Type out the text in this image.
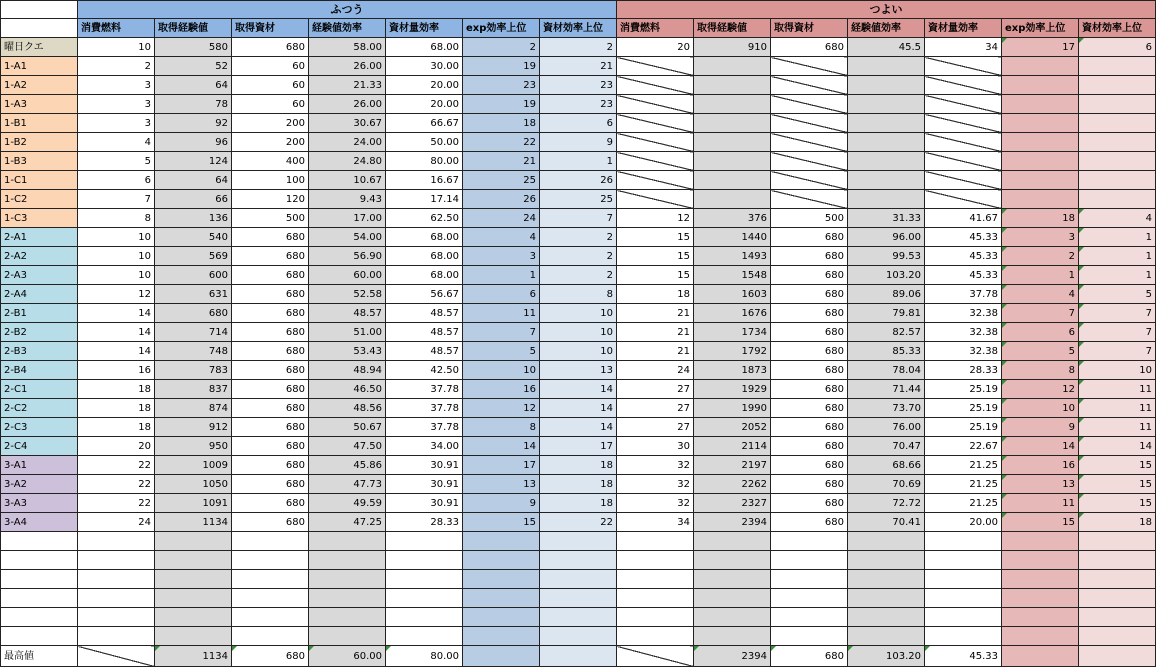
	ふつう							つよい						
	消費燃料	取得経験値	取得資材	経験値効率	資材量効率	exp効率上位	資材効率上位	消費燃料	取得経験値	取得資材	経験値効率	資材量効率	exp効率上位	資材効率上位
曜日クエ	10	580	680	58.00	68.00	2	2	20	910	680	45.5	34	17	6
1-A1	2	52	60	26.00	30.00	19	21							
1-A2	3	64	60	21.33	20.00	23	23							
1-A3	3	78	60	26.00	20.00	19	23							
1-B1	3	92	200	30.67	66.67	18	6							
1-B2	4	96	200	24.00	50.00	22	9							
1-B3	5	124	400	24.80	80.00	21	1							
1-C1	6	64	100	10.67	16.67	25	26							
1-C2	7	66	120	9.43	17.14	26	25							
1-C3	8	136	500	17.00	62.50	24	7	12	376	500	31.33	41.67	18	4
2-A1	10	540	680	54.00	68.00	4	2	15	1440	680	96.00	45.33	3	1
2-A2	10	569	680	56.90	68.00	3	2	15	1493	680	99.53	45.33	2	1
2-A3	10	600	680	60.00	68.00	1	2	15	1548	680	103.20	45.33	1	1
2-A4	12	631	680	52.58	56.67	6	8	18	1603	680	89.06	37.78	4	5
2-B1	14	680	680	48.57	48.57	11	10	21	1676	680	79.81	32.38	7	7
2-B2	14	714	680	51.00	48.57	7	10	21	1734	680	82.57	32.38	6	7
2-B3	14	748	680	53.43	48.57	5	10	21	1792	680	85.33	32.38	5	7
2-B4	16	783	680	48.94	42.50	10	13	24	1873	680	78.04	28.33	8	10
2-C1	18	837	680	46.50	37.78	16	14	27	1929	680	71.44	25.19	12	11
2-C2	18	874	680	48.56	37.78	12	14	27	1990	680	73.70	25.19	10	11
2-C3	18	912	680	50.67	37.78	8	14	27	2052	680	76.00	25.19	9	11
2-C4	20	950	680	47.50	34.00	14	17	30	2114	680	70.47	22.67	14	14
3-A1	22	1009	680	45.86	30.91	17	18	32	2197	680	68.66	21.25	16	15
3-A2	22	1050	680	47.73	30.91	13	18	32	2262	680	70.69	21.25	13	15
3-A3	22	1091	680	49.59	30.91	9	18	32	2327	680	72.72	21.25	11	15
3-A4	24	1134	680	47.25	28.33	15	22	34	2394	680	70.41	20.00	15	18

最高値		1134	680	60.00	80.00				2394	680	103.20	45.33		
